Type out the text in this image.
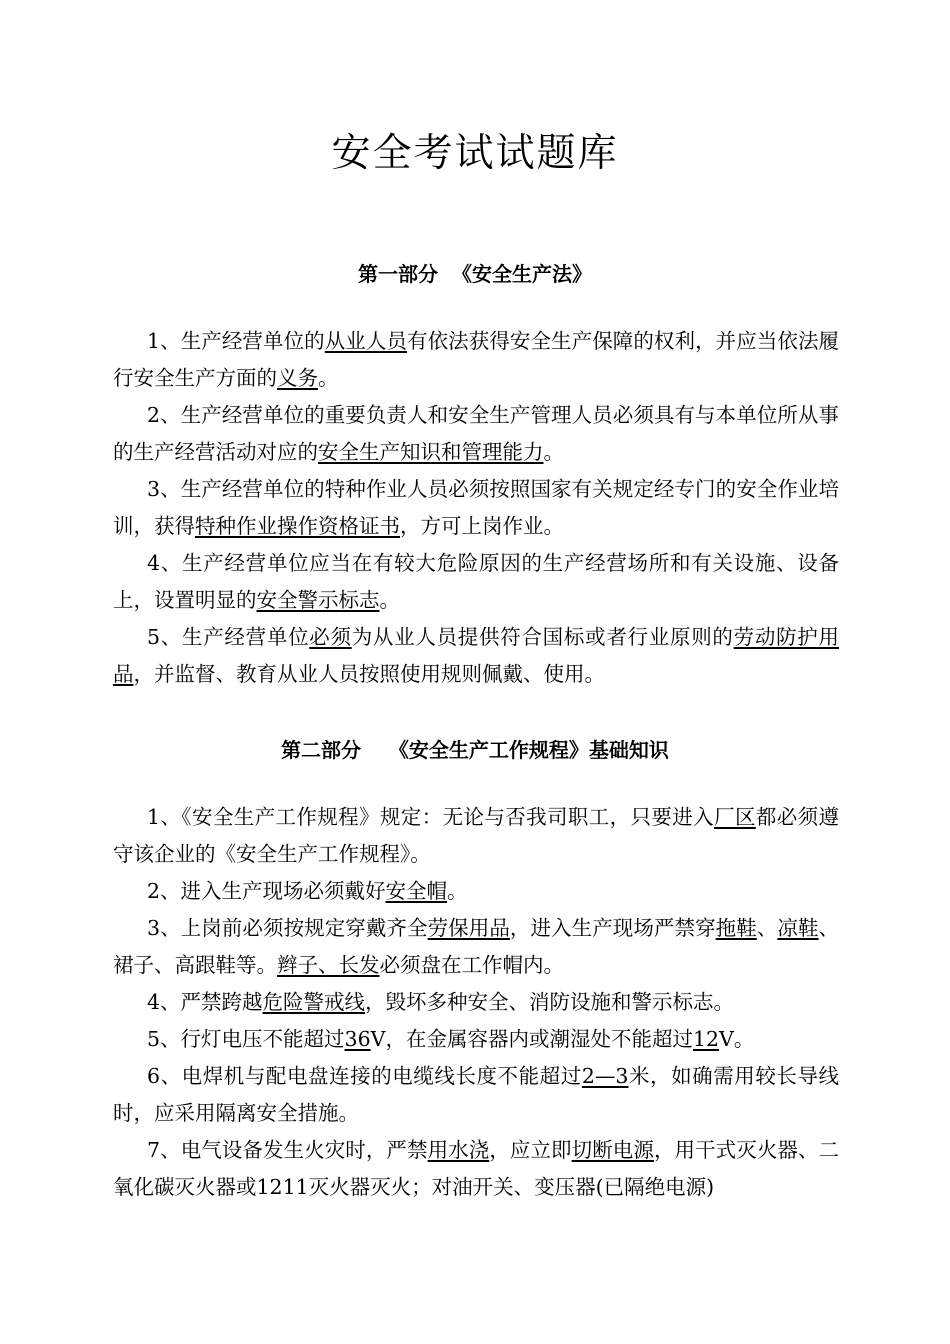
安全考试试题库
第一部分  《安全生产法》
1、生产经营单位的从业人员有依法获得安全生产保障的权利，并应当依法履行安全生产方面的义务。
2、生产经营单位的重要负责人和安全生产管理人员必须具有与本单位所从事的生产经营活动对应的安全生产知识和管理能力。
3、生产经营单位的特种作业人员必须按照国家有关规定经专门的安全作业培训，获得特种作业操作资格证书，方可上岗作业。
4、生产经营单位应当在有较大危险原因的生产经营场所和有关设施、设备上，设置明显的安全警示标志。
5、生产经营单位必须为从业人员提供符合国标或者行业原则的劳动防护用品，并监督、教育从业人员按照使用规则佩戴、使用。
第二部分    《安全生产工作规程》基础知识
1、《安全生产工作规程》规定：无论与否我司职工，只要进入厂区都必须遵守该企业的《安全生产工作规程》。
2、进入生产现场必须戴好安全帽。
3、上岗前必须按规定穿戴齐全劳保用品，进入生产现场严禁穿拖鞋、凉鞋、裙子、高跟鞋等。辫子、长发必须盘在工作帽内。
4、严禁跨越危险警戒线，毁坏多种安全、消防设施和警示标志。
5、行灯电压不能超过36V，在金属容器内或潮湿处不能超过12V。
6、电焊机与配电盘连接的电缆线长度不能超过2—3米，如确需用较长导线时，应采用隔离安全措施。
7、电气设备发生火灾时，严禁用水浇，应立即切断电源，用干式灭火器、二氧化碳灭火器或1211灭火器灭火；对油开关、变压器(已隔绝电源)
